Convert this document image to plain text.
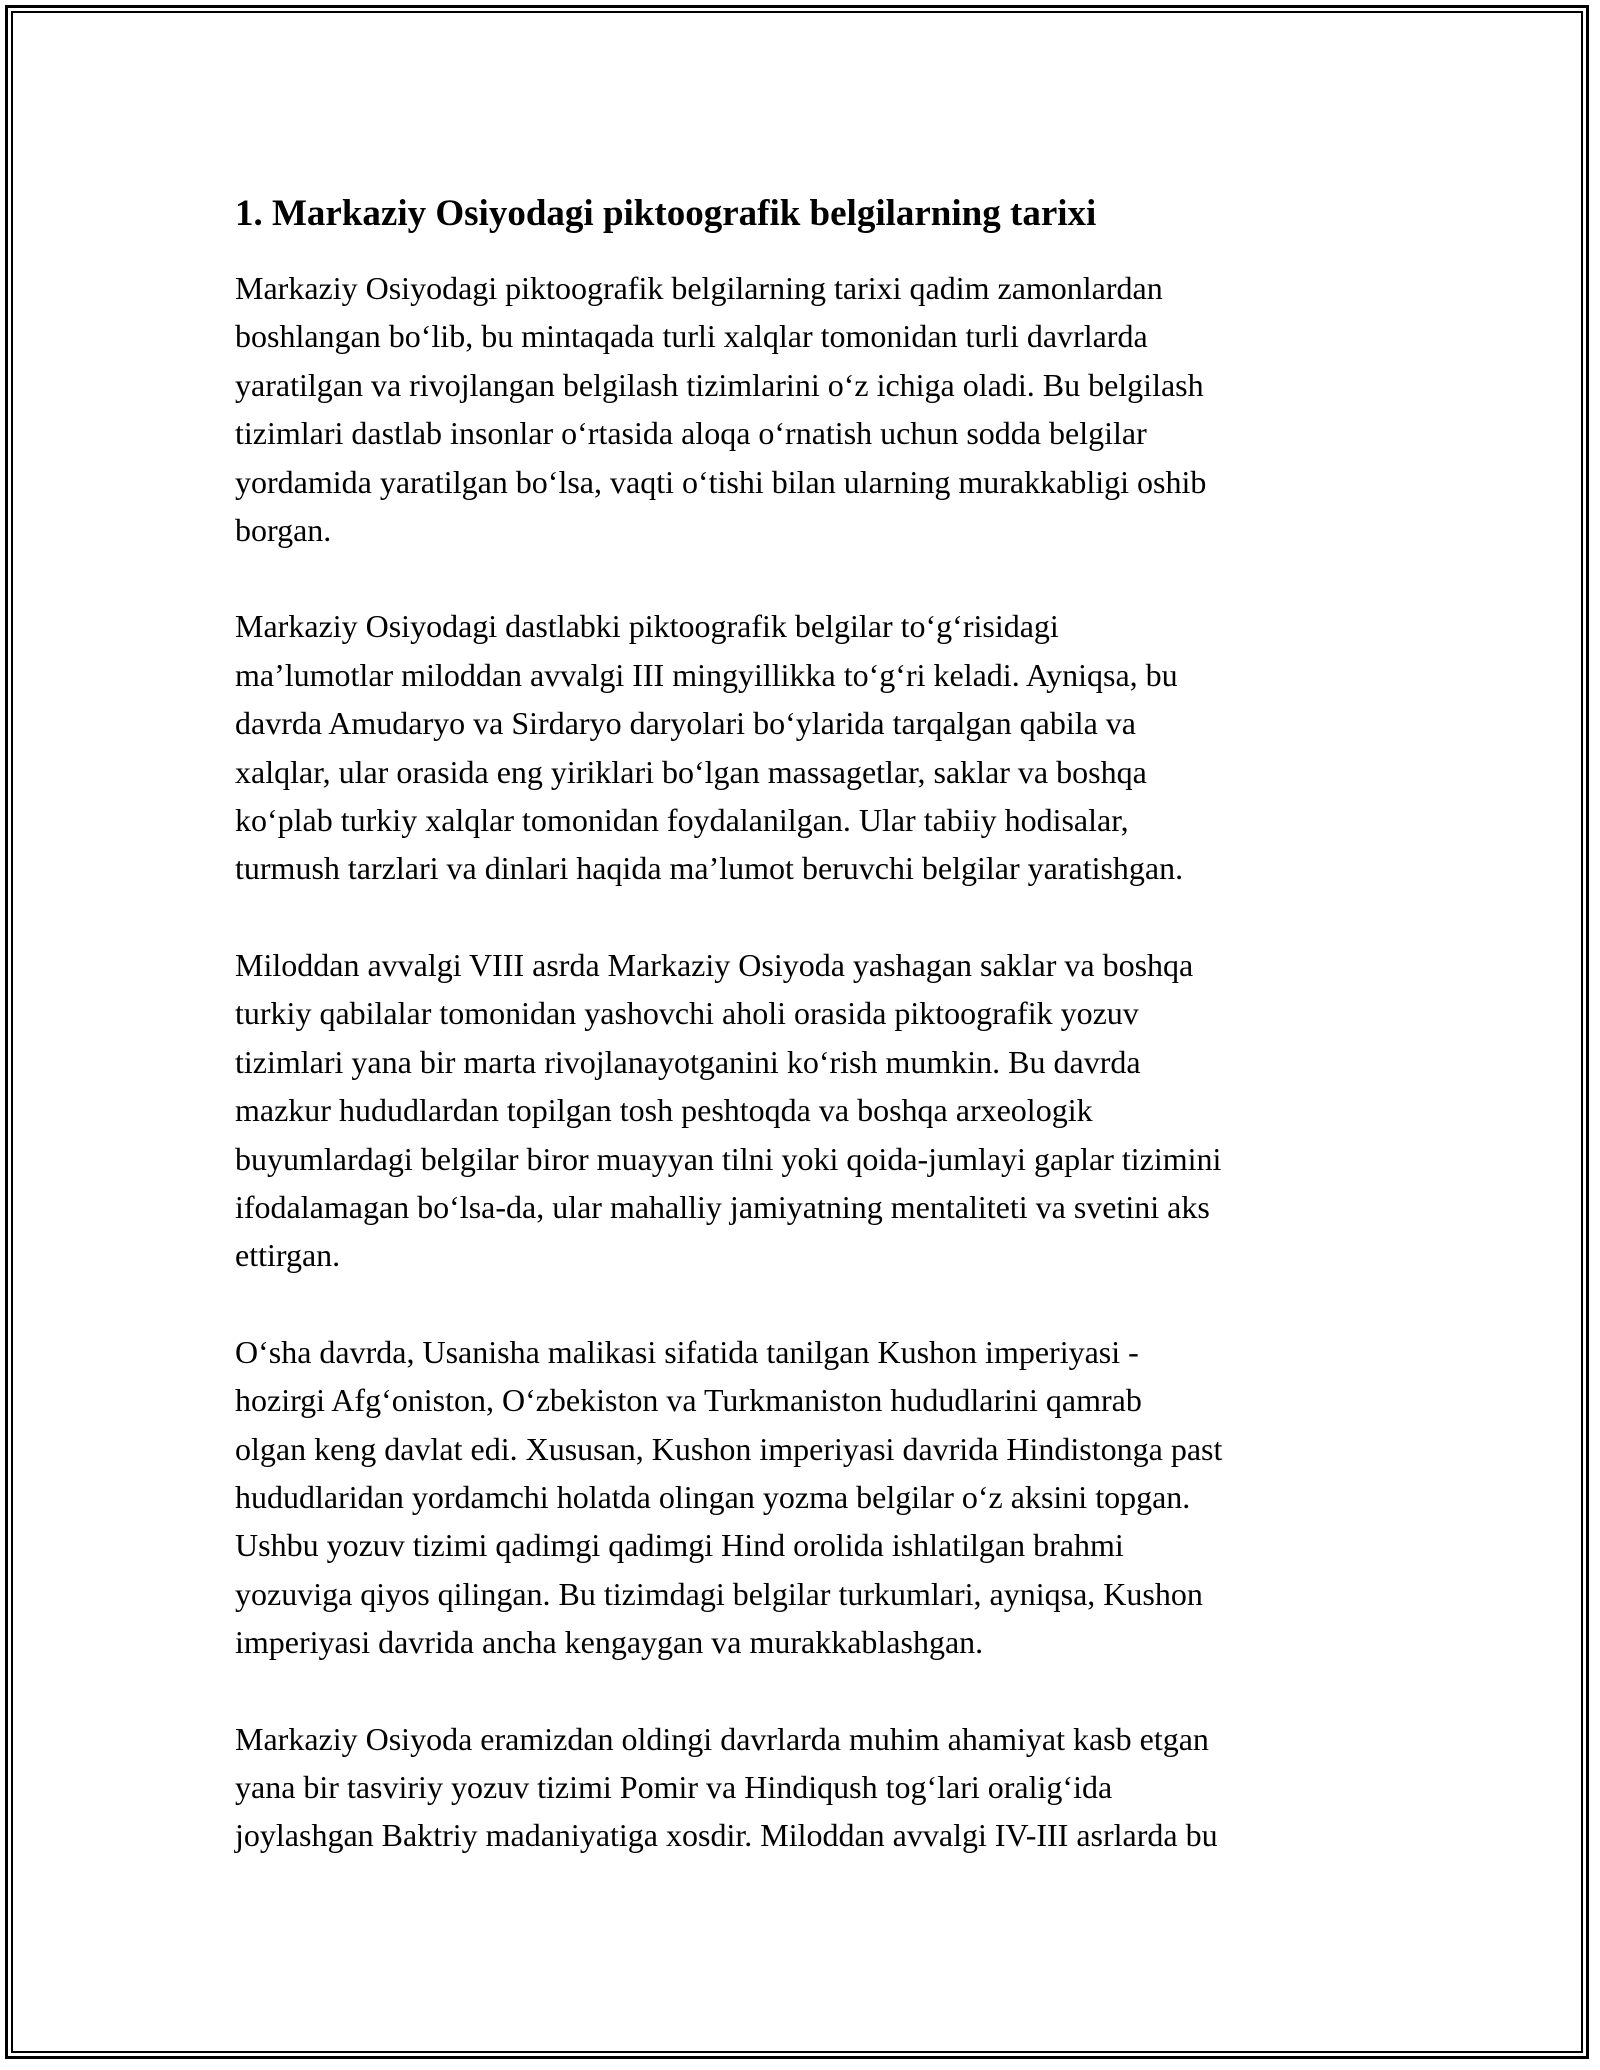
1. Markaziy Osiyodagi piktoografik belgilarning tarixi

Markaziy Osiyodagi piktoografik belgilarning tarixi qadim zamonlardan
boshlangan bo‘lib, bu mintaqada turli xalqlar tomonidan turli davrlarda
yaratilgan va rivojlangan belgilash tizimlarini o‘z ichiga oladi. Bu belgilash
tizimlari dastlab insonlar o‘rtasida aloqa o‘rnatish uchun sodda belgilar
yordamida yaratilgan bo‘lsa, vaqti o‘tishi bilan ularning murakkabligi oshib
borgan.

Markaziy Osiyodagi dastlabki piktoografik belgilar to‘g‘risidagi
ma’lumotlar miloddan avvalgi III mingyillikka to‘g‘ri keladi. Ayniqsa, bu
davrda Amudaryo va Sirdaryo daryolari bo‘ylarida tarqalgan qabila va
xalqlar, ular orasida eng yiriklari bo‘lgan massagetlar, saklar va boshqa
ko‘plab turkiy xalqlar tomonidan foydalanilgan. Ular tabiiy hodisalar,
turmush tarzlari va dinlari haqida ma’lumot beruvchi belgilar yaratishgan.

Miloddan avvalgi VIII asrda Markaziy Osiyoda yashagan saklar va boshqa
turkiy qabilalar tomonidan yashovchi aholi orasida piktoografik yozuv
tizimlari yana bir marta rivojlanayotganini ko‘rish mumkin. Bu davrda
mazkur hududlardan topilgan tosh peshtoqda va boshqa arxeologik
buyumlardagi belgilar biror muayyan tilni yoki qoida-jumlayi gaplar tizimini
ifodalamagan bo‘lsa-da, ular mahalliy jamiyatning mentaliteti va svetini aks
ettirgan.

O‘sha davrda, Usanisha malikasi sifatida tanilgan Kushon imperiyasi -
hozirgi Afg‘oniston, O‘zbekiston va Turkmaniston hududlarini qamrab
olgan keng davlat edi. Xususan, Kushon imperiyasi davrida Hindistonga past
hududlaridan yordamchi holatda olingan yozma belgilar o‘z aksini topgan.
Ushbu yozuv tizimi qadimgi qadimgi Hind orolida ishlatilgan brahmi
yozuviga qiyos qilingan. Bu tizimdagi belgilar turkumlari, ayniqsa, Kushon
imperiyasi davrida ancha kengaygan va murakkablashgan.

Markaziy Osiyoda eramizdan oldingi davrlarda muhim ahamiyat kasb etgan
yana bir tasviriy yozuv tizimi Pomir va Hindiqush tog‘lari oralig‘ida
joylashgan Baktriy madaniyatiga xosdir. Miloddan avvalgi IV-III asrlarda bu
